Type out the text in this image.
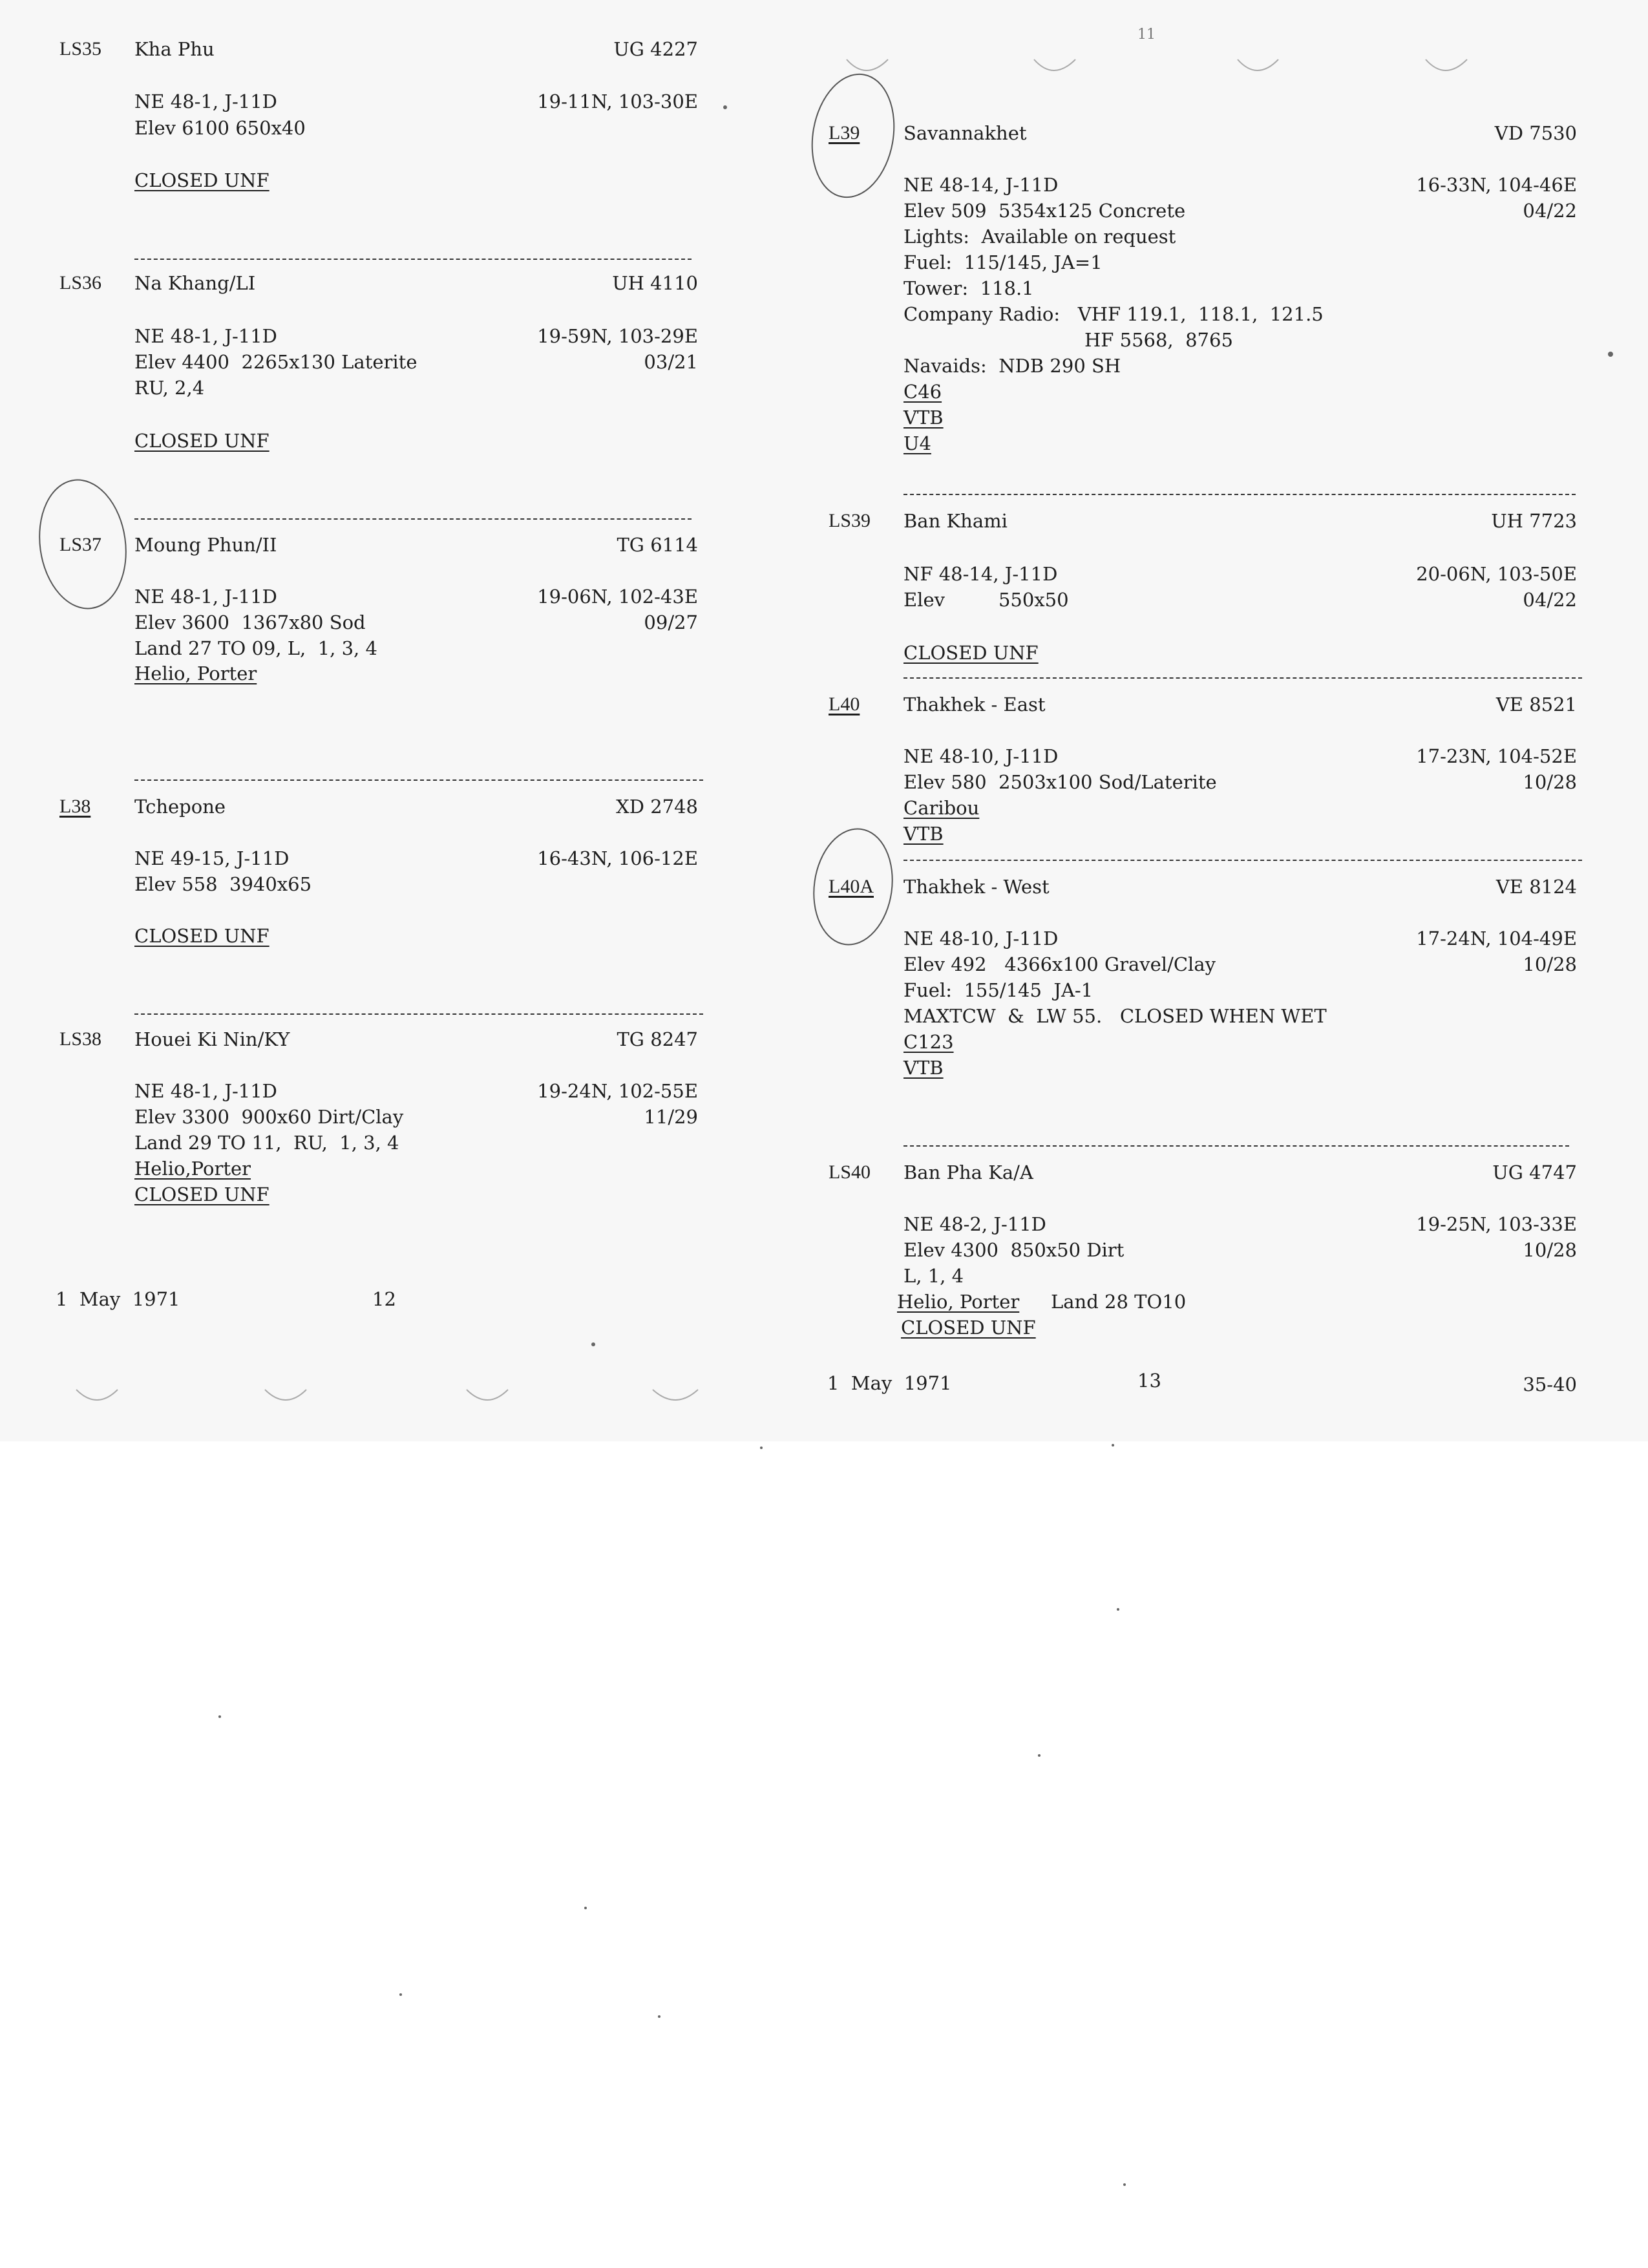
LS35 Kha Phu	UG 4227
NE 48-1, J-11D	19-11N, 103-30E
Elev 6100 650x40
CLOSED UNF
LS36 Na Khang/LI	UH 4110
NE 48-1, J-11D	19-59N, 103-29E
Elev 4400  2265x130 Laterite	03/21
RU, 2,4
CLOSED UNF
LS37 Moung Phun/II	TG 6114
NE 48-1, J-11D	19-06N, 102-43E
Elev 3600  1367x80 Sod	09/27
Land 27 TO 09, L,  1, 3, 4
Helio, Porter
L38 Tchepone	XD 2748
NE 49-15, J-11D	16-43N, 106-12E
Elev 558  3940x65
CLOSED UNF
LS38 Houei Ki Nin/KY	TG 8247
NE 48-1, J-11D	19-24N, 102-55E
Elev 3300  900x60 Dirt/Clay	11/29
Land 29 TO 11,  RU,  1, 3, 4
Helio,Porter
CLOSED UNF
1  May  1971	12
11
L39 Savannakhet	VD 7530
NE 48-14, J-11D	16-33N, 104-46E
Elev 509  5354x125 Concrete	04/22
Lights:  Available on request
Fuel:  115/145, JA=1
Tower:  118.1
Company Radio:   VHF 119.1,  118.1,  121.5
HF 5568,  8765
Navaids:  NDB 290 SH
C46
VTB
U4
LS39 Ban Khami	UH 7723
NF 48-14, J-11D	20-06N, 103-50E
Elev         550x50	04/22
CLOSED UNF
L40 Thakhek - East	VE 8521
NE 48-10, J-11D	17-23N, 104-52E
Elev 580  2503x100 Sod/Laterite	10/28
Caribou
VTB
L40A Thakhek - West	VE 8124
NE 48-10, J-11D	17-24N, 104-49E
Elev 492   4366x100 Gravel/Clay	10/28
Fuel:  155/145  JA-1
MAXTCW  &  LW 55.   CLOSED WHEN WET
C123
VTB
LS40 Ban Pha Ka/A	UG 4747
NE 48-2, J-11D	19-25N, 103-33E
Elev 4300  850x50 Dirt	10/28
L, 1, 4
Helio, Porter Land 28 TO10
CLOSED UNF
1  May  1971	13	35-40
